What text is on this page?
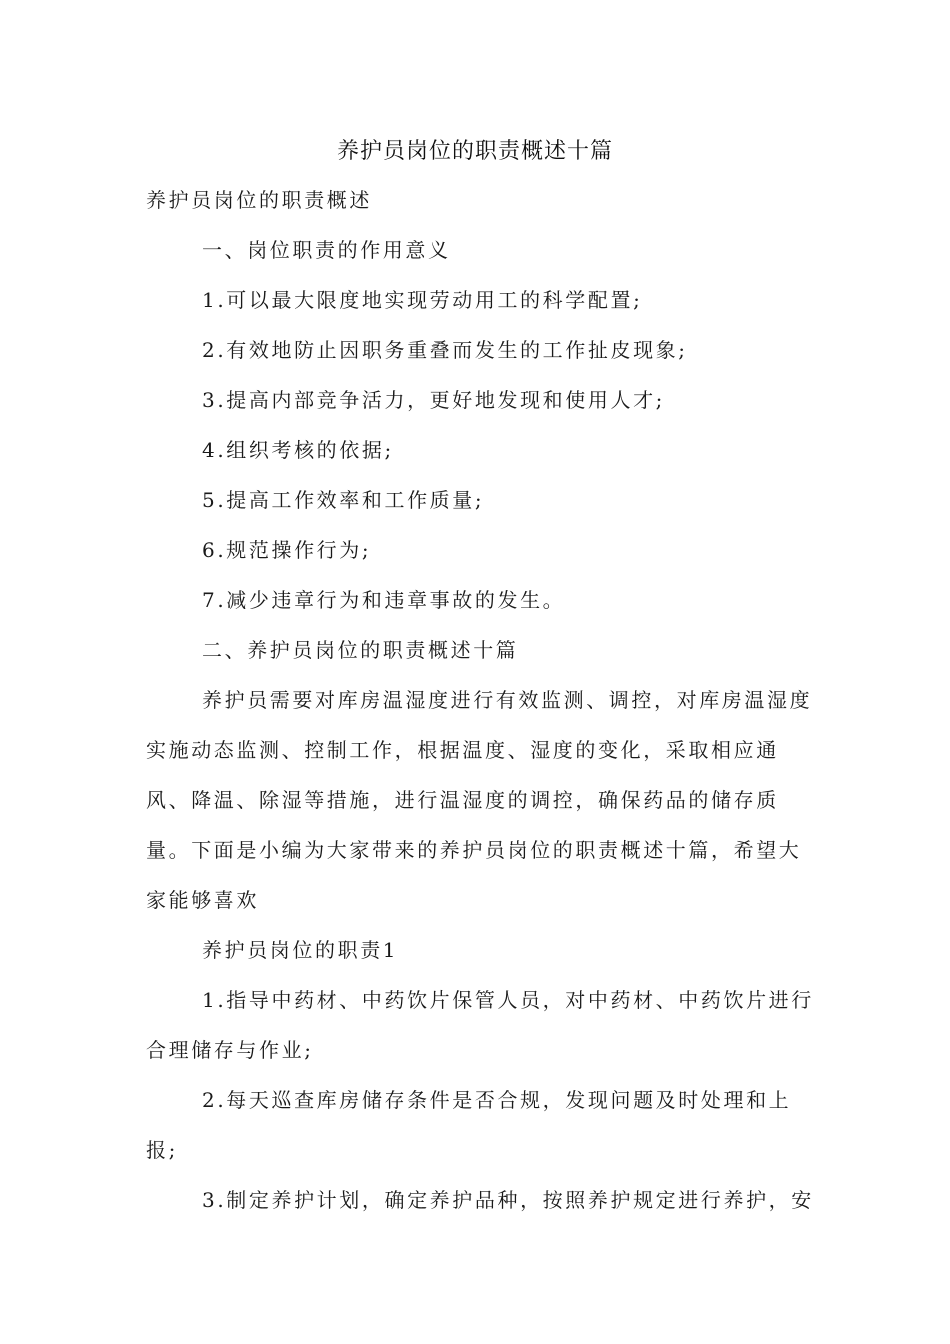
养护员岗位的职责概述十篇
养护员岗位的职责概述
一、岗位职责的作用意义
1.可以最大限度地实现劳动用工的科学配置;
2.有效地防止因职务重叠而发生的工作扯皮现象;
3.提高内部竞争活力，更好地发现和使用人才;
4.组织考核的依据;
5.提高工作效率和工作质量;
6.规范操作行为;
7.减少违章行为和违章事故的发生。
二、养护员岗位的职责概述十篇
养护员需要对库房温湿度进行有效监测、调控，对库房温湿度
实施动态监测、控制工作，根据温度、湿度的变化，采取相应通
风、降温、除湿等措施，进行温湿度的调控，确保药品的储存质
量。下面是小编为大家带来的养护员岗位的职责概述十篇，希望大
家能够喜欢
养护员岗位的职责1
1.指导中药材、中药饮片保管人员，对中药材、中药饮片进行
合理储存与作业;
2.每天巡查库房储存条件是否合规，发现问题及时处理和上
报;
3.制定养护计划，确定养护品种，按照养护规定进行养护，安
